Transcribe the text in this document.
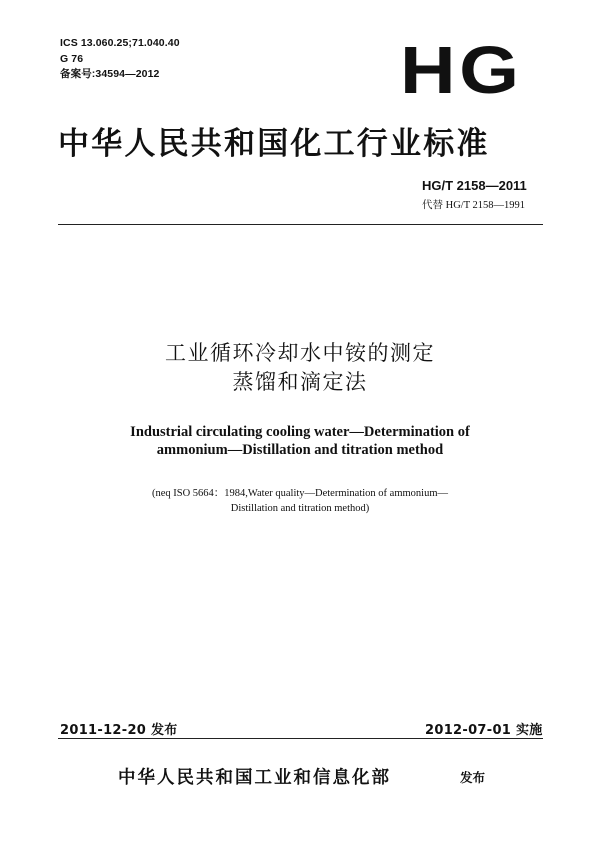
ICS 13.060.25;71.040.40
G 76
备案号:34594—2012	HG
中华人民共和国化工行业标准
HG/T 2158—2011
代替 HG/T 2158—1991
工业循环冷却水中铵的测定
蒸馏和滴定法
Industrial circulating cooling water—Determination of
ammonium—Distillation and titration method
(neq ISO 5664：1984,Water quality—Determination of ammonium—
Distillation and titration method)
2011-12-20 发布	2012-07-01 实施
中华人民共和国工业和信息化部	发布
